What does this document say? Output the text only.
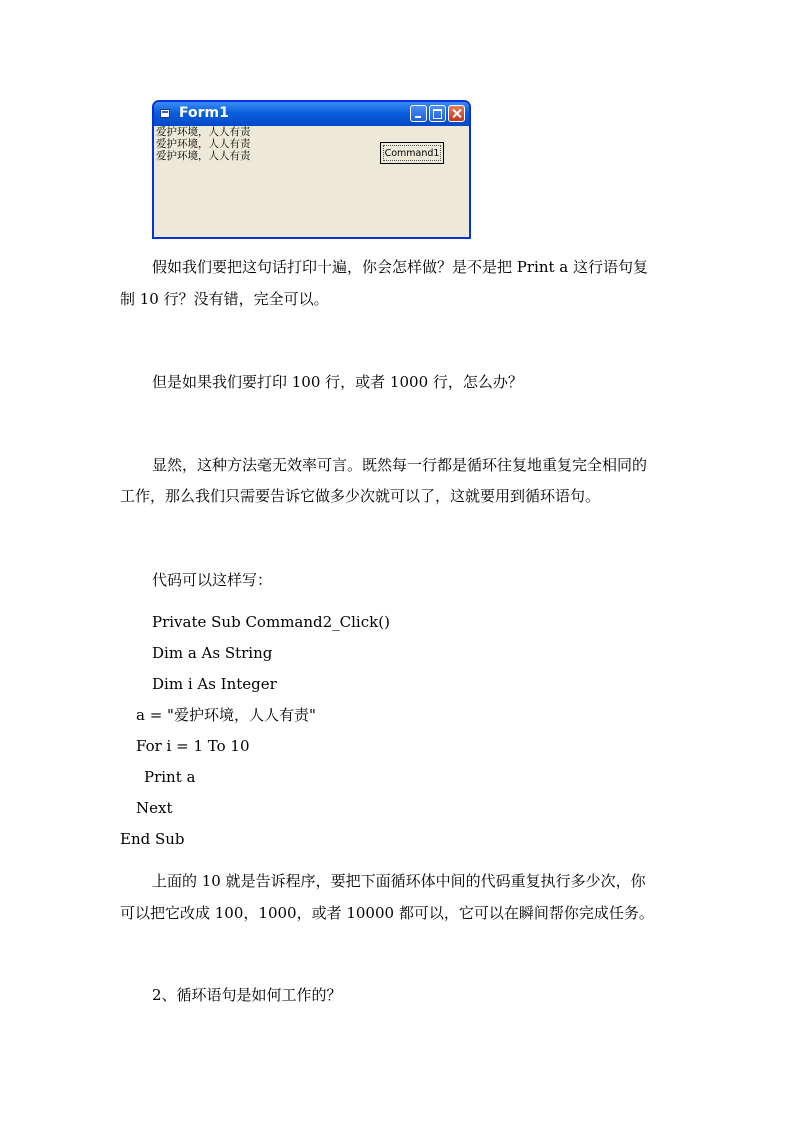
Form1
爱护环境，人人有责
爱护环境，人人有责
爱护环境，人人有责	Command1
假如我们要把这句话打印十遍，你会怎样做？是不是把 Print a 这行语句复
制 10 行？没有错，完全可以。
但是如果我们要打印 100 行，或者 1000 行，怎么办？
显然，这种方法毫无效率可言。既然每一行都是循环往复地重复完全相同的
工作，那么我们只需要告诉它做多少次就可以了，这就要用到循环语句。
代码可以这样写：
Private Sub Command2_Click()
Dim a As String
Dim i As Integer
a = "爱护环境，人人有责"
For i = 1 To 10
Print a
Next
End Sub
上面的 10 就是告诉程序，要把下面循环体中间的代码重复执行多少次，你
可以把它改成 100，1000，或者 10000 都可以，它可以在瞬间帮你完成任务。
2、循环语句是如何工作的？
